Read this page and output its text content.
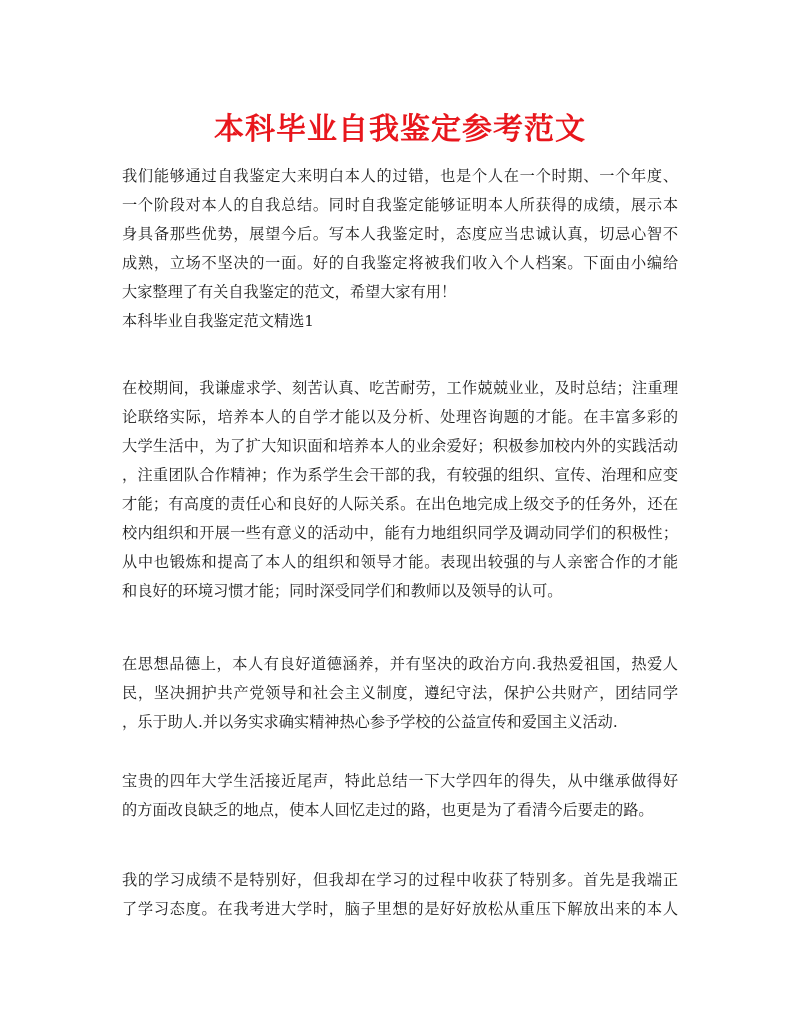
本科毕业自我鉴定参考范文
我们能够通过自我鉴定大来明白本人的过错，也是个人在一个时期、一个年度、
一个阶段对本人的自我总结。同时自我鉴定能够证明本人所获得的成绩，展示本
身具备那些优势，展望今后。写本人我鉴定时，态度应当忠诚认真，切忌心智不
成熟，立场不坚决的一面。好的自我鉴定将被我们收入个人档案。下面由小编给
大家整理了有关自我鉴定的范文，希望大家有用！
本科毕业自我鉴定范文精选1
在校期间，我谦虚求学、刻苦认真、吃苦耐劳，工作兢兢业业，及时总结；注重理
论联络实际，培养本人的自学才能以及分析、处理咨询题的才能。在丰富多彩的
大学生活中，为了扩大知识面和培养本人的业余爱好；积极参加校内外的实践活动
，注重团队合作精神；作为系学生会干部的我，有较强的组织、宣传、治理和应变
才能；有高度的责任心和良好的人际关系。在出色地完成上级交予的任务外，还在
校内组织和开展一些有意义的活动中，能有力地组织同学及调动同学们的积极性；
从中也锻炼和提高了本人的组织和领导才能。表现出较强的与人亲密合作的才能
和良好的环境习惯才能；同时深受同学们和教师以及领导的认可。
在思想品德上，本人有良好道德涵养，并有坚决的政治方向.我热爱祖国，热爱人
民，坚决拥护共产党领导和社会主义制度，遵纪守法，保护公共财产，团结同学
，乐于助人.并以务实求确实精神热心参予学校的公益宣传和爱国主义活动.
宝贵的四年大学生活接近尾声，特此总结一下大学四年的得失，从中继承做得好
的方面改良缺乏的地点，使本人回忆走过的路，也更是为了看清今后要走的路。
我的学习成绩不是特别好，但我却在学习的过程中收获了特别多。首先是我端正
了学习态度。在我考进大学时，脑子里想的是好好放松从重压下解放出来的本人
